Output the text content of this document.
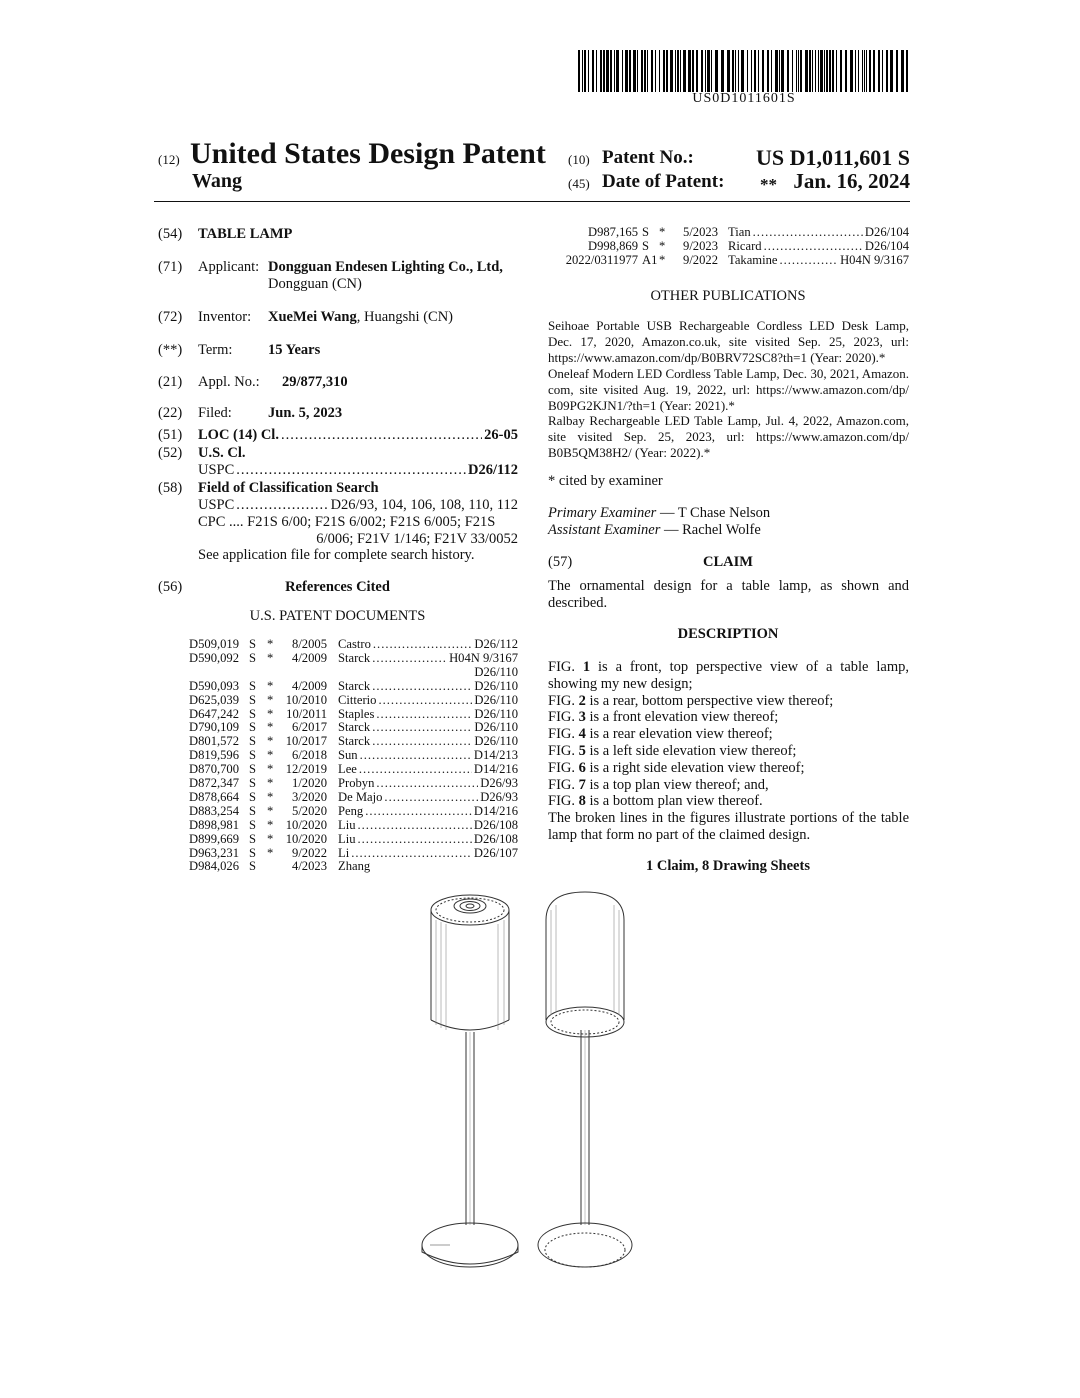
US0D1011601S
(12) United States Design Patent
Wang
(10) Patent No.:	US D1,011,601 S
(45) Date of Patent: ** Jan. 16, 2024
(54) TABLE LAMP
(71) Applicant: Dongguan Endesen Lighting Co., Ltd,
Dongguan (CN)
(72) Inventor: XueMei Wang, Huangshi (CN)
(**) Term: 15 Years
(21) Appl. No.: 29/877,310
(22) Filed: Jun. 5, 2023
(51) LOC (14) Cl. .....	26-05
(52) U.S. Cl.
USPC .....	D26/112
(58) Field of Classification Search
USPC .....	D26/93, 104, 106, 108, 110, 112
CPC .... F21S 6/00; F21S 6/002; F21S 6/005; F21S
6/006; F21V 1/146; F21V 33/0052
See application file for complete search history.
(56)	References Cited
U.S. PATENT DOCUMENTS
D509,019 S *	8/2005 Castro .....	D26/112
D590,092 S *	4/2009 Starck .....	H04N 9/3167
D26/110
D590,093 S *	4/2009 Starck .....	D26/110
D625,039 S * 10/2010 Citterio .....	D26/110
D647,242 S *	10/2011 Staples .....	D26/110
D790,109 S *	6/2017 Starck .....	D26/110
D801,572 S * 10/2017 Starck .....	D26/110
D819,596 S *	6/2018 Sun .....	D14/213
D870,700 S * 12/2019 Lee .....	D14/216
D872,347 S *	1/2020 Probyn .....	D26/93
D878,664 S *	3/2020 De Majo .....	D26/93
D883,254 S *	5/2020 Peng .....	D14/216
D898,981 S * 10/2020 Liu .....	D26/108
D899,669 S * 10/2020 Liu .....	D26/108
D963,231 S *	9/2022 Li .....	D26/107
D984,026 S	4/2023 Zhang
D987,165 S *	5/2023 Tian .....	D26/104
D998,869 S *	9/2023 Ricard .....	D26/104
2022/0311977 A1 *	9/2022 Takamine .....	H04N 9/3167
OTHER PUBLICATIONS
Seihoae Portable USB Rechargeable Cordless LED Desk Lamp, Dec. 17, 2020, Amazon.co.uk, site visited Sep. 25, 2023, url: https://www.amazon.com/dp/B0BRV72SC8?th=1 (Year: 2020).*
Oneleaf Modern LED Cordless Table Lamp, Dec. 30, 2021, Amazon. com, site visited Aug. 19, 2022, url: https://www.amazon.com/dp/ B09PG2KJN1/?th=1 (Year: 2021).*
Ralbay Rechargeable LED Table Lamp, Jul. 4, 2022, Amazon.com, site visited Sep. 25, 2023, url: https://www.amazon.com/dp/ B0B5QM38H2/ (Year: 2022).*
* cited by examiner
Primary Examiner — T Chase Nelson
Assistant Examiner — Rachel Wolfe
(57)	CLAIM
The ornamental design for a table lamp, as shown and described.
DESCRIPTION
FIG. 1 is a front, top perspective view of a table lamp, showing my new design;
FIG. 2 is a rear, bottom perspective view thereof;
FIG. 3 is a front elevation view thereof;
FIG. 4 is a rear elevation view thereof;
FIG. 5 is a left side elevation view thereof;
FIG. 6 is a right side elevation view thereof;
FIG. 7 is a top plan view thereof; and,
FIG. 8 is a bottom plan view thereof.
The broken lines in the figures illustrate portions of the table lamp that form no part of the claimed design.
1 Claim, 8 Drawing Sheets
